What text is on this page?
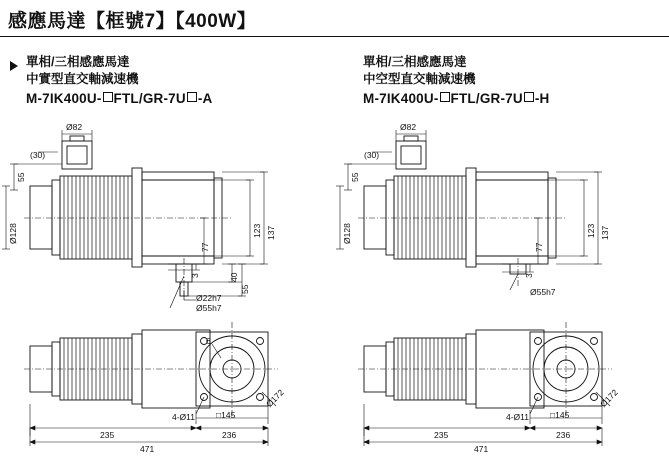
感應馬達【框號7】【400W】
單相/三相感應馬達
中實型直交軸減速機
M-7IK400U- FTL/GR-7U -A
單相/三相感應馬達
中空型直交軸減速機
M-7IK400U- FTL/GR-7U -H
(30)
Ø82
55
Ø128	123 137
77
3	40
55
Ø22h7
Ø55h7
6
4-Ø11 □145
Ø172
235	236
471
(30)
Ø82
55
Ø128	123 137
77
3
Ø55h7
4-Ø11 □145
Ø172
235	236
471
